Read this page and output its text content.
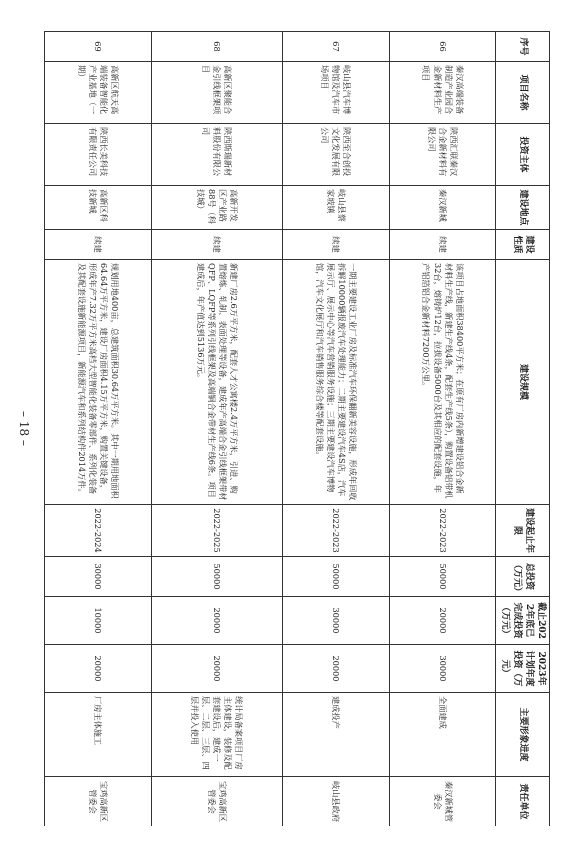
– 18 –
序号	项目名称	投资主体	建设地点	建设性质	建设规模	建设起止年限	总投资（万元）	截止2022年底已完成投资（万元）	2023年计划年度投资（万元）	主要形象进度	责任单位
66	秦汉高端装备制造产业园合金新材料生产项目	陕西汇联秦汉合金新材料有限公司	秦汉新城	续建	该项目占地面积38400平方米；在原有厂房内新增建设铝合金新材料生产线，新建生产线4条，配套生产线5条），购置设备铝带机32台，熔铸炉12台，拉拔设备5000台及其相应的配套设施，年产铝箔铝合金新材料7200万公里。	2022-2023	50000	20000	30000	全面建成	秦汉新城管委会
67	岐山县汽车博物馆及汽车市场项目	陕西至合创投文化发展有限公司	岐山县蔡家坡镇	续建	一期主要建设工业厂房及标准汽车环保翻新美容设施，形成年回收拆解10000辆报废汽车处理能力；二期主要建设汽车4S店，汽车展示厅、展示中心等汽车营销服务设施；三期主要建设汽车博物馆，汽车文化展厅和汽车销售服务综合楼等配套设施。	2022-2023	50000	30000	20000	建成投产	岐山县政府
68	高新区聚能合金引线框架项目	陕西斯瑞新材料股份有限公司	高新开发区产业路88号（科技城）	续建	新建厂房2.6万平方米，配套人才公寓楼2.4万平方米，引进、购置熔炼、轧制、表面处理等设备，建成年产高端合金引线框架带材QFP、LQFP等系列引线框架及高端铜合金带材生产线6条。项目建成后，年产值达到5136万元。	2022-2025	50000	20000	20000	统计局备案项目厂房主体建设，装修及配套建设后，建成一层、二层、三层、四层并投入使用	宝鸡高新区管委会
69	高新区航天高端装备智能化产业基地（一期）	陕西长美科技有限责任公司	高新区科技新城	续建	规划用地400亩，总建筑面积30.64万平方米。其中一期用地面积64.64万平方米，建设厂房面积4.15万平方米，购置关键设备，形成年产7.32万平方米高档大型智能化装备零部件、系列化装备及其配套设施新能源项目，新能源汽车和系列结构件2014万件。	2022-2024	30000	10000	20000	厂房主体施工	宝鸡高新区管委会
